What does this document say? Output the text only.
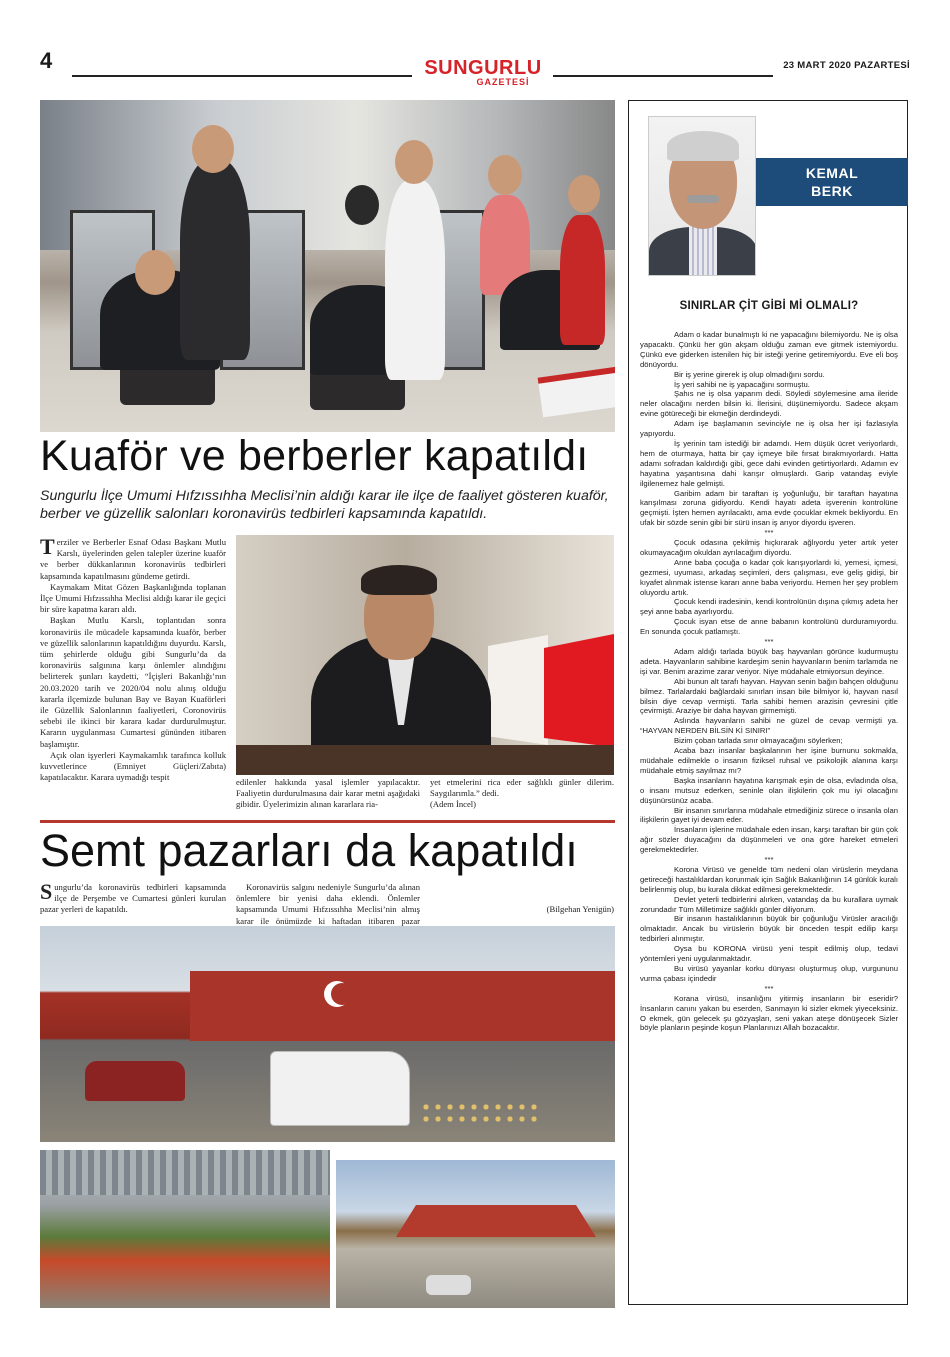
4	SUNGURLU
GAZETESİ
23 MART 2020 PAZARTESİ
Kuaför ve berberler kapatıldı
Sungurlu İlçe Umumi Hıfzıssıhha Meclisi’nin aldığı karar ile ilçe de faaliyet gösteren kuaför, berber ve güzellik salonları koronavirüs tedbirleri kapsamında kapatıldı.

Terziler ve Berberler Esnaf Odası Başkanı Mutlu Karslı, üyelerinden gelen talepler üzerine kuaför ve berber dükkanlarının koronavirüs tedbirleri kapsamında kapatılmasını gündeme getirdi.

Kaymakam Mitat Gözen Başkanlığında toplanan İlçe Umumi Hıfzıssıhha Meclisi aldığı karar ile geçici bir süre kapatma kararı aldı.

Başkan Mutlu Karslı, toplantıdan sonra koronavirüs ile mücadele kapsamında kuaför, berber ve güzellik salonlarının kapatıldığını duyurdu. Karslı, tüm şehirlerde olduğu gibi Sungurlu’da da koronavirüs salgınına karşı önlemler alındığını belirterek şunları kaydetti, “İçişleri Bakanlığı’nın 20.03.2020 tarih ve 2020/04 nolu alınış olduğu kararla ilçemizde bulunan Bay ve Bayan Kuaförleri ile Güzellik Salonlarının faaliyetleri, Coronovirüs sebebi ile ikinci bir karara kadar durdurulmuştur. Kararın uygulanması Cumartesi gününden itibaren başlamıştır.

Açık olan işyerleri Kaymakamlık tarafınca kolluk kuvvetlerince (Emniyet Güçleri/Zabıta) kapatılacaktır. Karara uymadığı tespit	edilenler hakkında yasal işlemler yapılacaktır. Faaliyetin durdurulmasına dair karar metni aşağıdaki gibidir. Üyelerimizin alınan kararlara ria-

yet etmelerini rica eder sağlıklı günler dilerim. Saygılarımla.” dedi.

(Adem İncel)

Semt pazarları da kapatıldı

Sungurlu’da koronavirüs tedbirleri kapsamında ilçe de Perşembe ve Cumartesi günleri kurulan pazar yerleri de kapatıldı.

Koronavirüs salgını nedeniyle Sungurlu’da alınan önlemlere bir yenisi daha eklendi. Önlemler kapsamında Umumi Hıfzıssıhha Meclisi’nin almış karar ile önümüzde ki haftadan itibaren pazar

(Bilgehan Yenigün)

KEMAL
BERK
SINIRLAR ÇİT GİBİ Mİ OLMALI?

Adam o kadar bunalmıştı ki ne yapacağını bilemiyordu. Ne iş olsa yapacaktı. Çünkü her gün akşam olduğu zaman eve gitmek istemiyordu. Çünkü eve giderken istenilen hiç bir isteği yerine getiremiyordu. Eve eli boş dönüyordu.

Bir iş yerine girerek iş olup olmadığını sordu.

İş yeri sahibi ne iş yapacağını sormuştu.

Şahıs ne iş olsa yaparım dedi. Söyledi söylemesine ama ileride neler olacağını nerden bilsin ki. İlerisini, düşünemiyordu. Sadece akşam evine götüreceği bir ekmeğin derdindeydi.

Adam işe başlamanın sevinciyle ne iş olsa her işi fazlasıyla yapıyordu.

İş yerinin tam istediği bir adamdı. Hem düşük ücret veriyorlardı, hem de oturmaya, hatta bir çay içmeye bile fırsat bırakmıyorlardı. Hatta adamı sofradan kaldırdığı gibi, gece dahi evinden getirtiyorlardı. Adamın ev hayatına yaşantısına dahi karışır olmuşlardı. Garip vatandaş eviyle ilgilenemez hale gelmişti.

Garibim adam bir taraftan iş yoğunluğu, bir taraftan hayatına karışılması zoruna gidiyordu. Kendi hayatı adeta işverenin kontrolüne geçmişti. İşten hemen ayrılacaktı, ama evde çocuklar ekmek bekliyordu. En ufak bir sözde senin gibi bir sürü insan iş arıyor diyordu işveren.

***

Çocuk odasına çekilmiş hıçkırarak ağlıyordu yeter artık yeter okumayacağım okuldan ayrılacağım diyordu.

Anne baba çocuğa o kadar çok karışıyorlardı ki, yemesi, içmesi, gezmesi, uyuması, arkadaş seçimleri, ders çalışması, eve geliş gidişi, bir kıyafet alınmak istense kararı anne baba veriyordu. Hemen her şey problem oluyordu artık.

Çocuk kendi iradesinin, kendi kontrolünün dışına çıkmış adeta her şeyi anne baba ayarlıyordu.

Çocuk isyan etse de anne babanın kontrolünü durduramıyordu. En sonunda çocuk patlamıştı.

***

Adam aldığı tarlada büyük baş hayvanları görünce kudurmuştu adeta. Hayvanların sahibine kardeşim senin hayvanların benim tarlamda ne işi var. Benim arazime zarar veriyor. Niye müdahale etmiyorsun deyince.

Abi bunun alt tarafı hayvan. Hayvan senin bağın bahçen olduğunu bilmez. Tarlalardaki bağlardaki sınırları insan bile bilmiyor ki, hayvan nasıl bilsin diye cevap vermişti. Tarla sahibi hemen arazisin çevresini çitle çevirmişti. Araziye bir daha hayvan girmemişti.

Aslında hayvanların sahibi ne güzel de cevap vermişti ya. “HAYVAN NERDEN BİLSİN Kİ SINIRI”

Bizim çoban tarlada sınır olmayacağını söylerken;

Acaba bazı insanlar başkalarının her işine burnunu sokmakla, müdahale edilmekle o insanın fiziksel ruhsal ve psikolojik alanına karşı müdahale etmiş sayılmaz mı?

Başka insanların hayatına karışmak eşin de olsa, evladında olsa, o insanı mutsuz ederken, seninle olan ilişkilerin çok mu iyi olacağını düşünürsünüz acaba.

Bir insanın sınırlarına müdahale etmediğiniz sürece o insanla olan ilişkilerin gayet iyi devam eder.

İnsanların işlerine müdahale eden insan, karşı taraftan bir gün çok ağır sözler duyacağını da düşünmeleri ve ona göre hareket etmeleri gerekmektedirler.

***

Korona Virüsü ve genelde tüm nedeni olan virüslerin meydana getireceği hastalıklardan korunmak için Sağlık Bakanlığının 14 günlük kuralı belirlenmiş olup, bu kurala dikkat edilmesi gerekmektedir.

Devlet yeterli tedbirlerini alırken, vatandaş da bu kurallara uymak zorundadır Tüm Milletimize sağlıklı günler diliyorum.

Bir insanın hastalıklarının büyük bir çoğunluğu Virüsler aracılığı olmaktadır. Ancak bu virüslerin büyük bir önceden tespit edilip karşı tedbirleri alınmıştır.

Oysa bu KORONA virüsü yeni tespit edilmiş olup, tedavi yöntemleri yeni uygulanmaktadır.

Bu virüsü yayanlar korku dünyası oluşturmuş olup, vurgununu vurma çabası içindedir

***

Korana virüsü, insanlığını yitirmiş insanların bir eseridir? İnsanların canını yakan bu eserden, Sanmayın ki sizler ekmek yiyeceksiniz. O ekmek, gün gelecek şu gözyaşları, seni yakan ateşe dönüşecek Sizler böyle planların peşinde koşun Planlarınızı Allah bozacaktır.
